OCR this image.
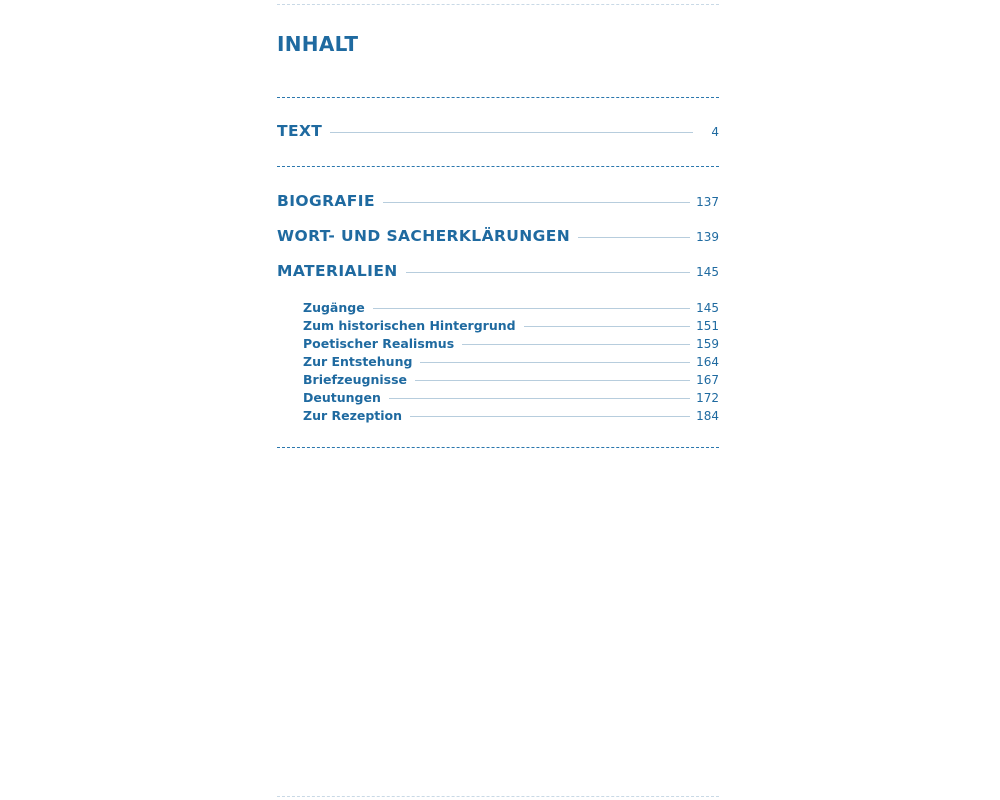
INHALT
TEXT	4
BIOGRAFIE	137
WORT- UND SACHERKLÄRUNGEN	139
MATERIALIEN	145
Zugänge	145
Zum historischen Hintergrund	151
Poetischer Realismus	159
Zur Entstehung	164
Briefzeugnisse	167
Deutungen	172
Zur Rezeption	184
